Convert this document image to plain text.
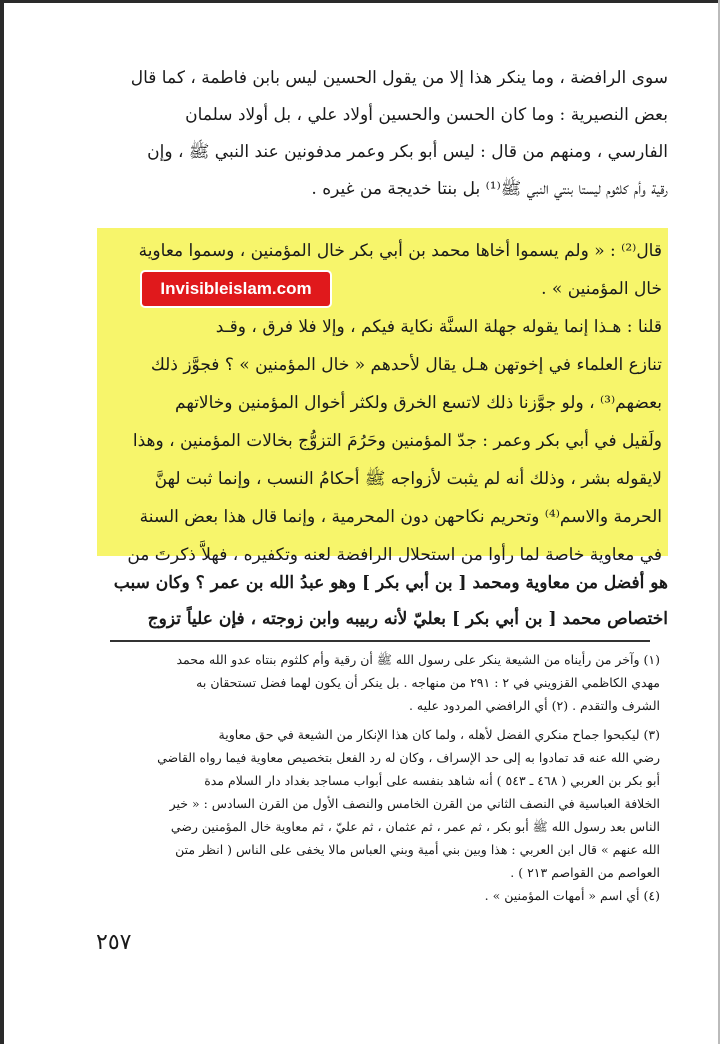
سوى الرافضة ، وما ينكر هذا إلا من يقول الحسين ليس بابن فاطمة ، كما قال
بعض النصيرية : وما كان الحسن والحسين أولاد علي ، بل أولاد سلمان
الفارسي ، ومنهم من قال : ليس أبو بكر وعمر مدفونين عند النبي ﷺ ، وإن
رقية وأم كلثوم ليستا بنتي النبي ﷺ⁽¹⁾ بل بنتا خديجة من غيره .
قال⁽²⁾ : « ولم يسموا أخاها محمد بن أبي بكر خال المؤمنين ، وسموا معاوية
خال المؤمنين » .
قلنا : هـذا إنما يقوله جهلة السنَّة نكاية فيكم ، وإلا فلا فرق ، وقـد
تنازع العلماء في إخوتهن هـل يقال لأحدهم « خال المؤمنين » ؟ فجوَّز ذلك
بعضهم⁽³⁾ ، ولو جوَّزنا ذلك لاتسع الخرق ولكثر أخوال المؤمنين وخالاتهم
ولَقيل في أبي بكر وعمر : جدّ المؤمنين وحَرُمَ التزوُّج بخالات المؤمنين ، وهذا
لايقوله بشر ، وذلك أنه لم يثبت لأزواجه ﷺ أحكامُ النسب ، وإنما ثبت لهنَّ
الحرمة والاسم⁽⁴⁾ وتحريم نكاحهن دون المحرمية ، وإنما قال هذا بعض السنة
في معاوية خاصة لما رأوا من استحلال الرافضة لعنه وتكفيره ، فهلاَّ ذكرتَ من
Invisibleislam.com
هو أفضل من معاوية ومحمد [ بن أبي بكر ] وهو عبدُ الله بن عمر ؟ وكان سبب
اختصاص محمد [ بن أبي بكر ] بعليّ لأنه ربيبه وابن زوجته ، فإن علياً تزوج
(١) وآخر من رأيناه من الشيعة ينكر على رسول الله ﷺ أن رقية وأم كلثوم بنتاه عدو الله محمد
مهدي الكاظمي القزويني في ٢ : ٢٩١ من منهاجه . بل ينكر أن يكون لهما فضل تستحقان به
الشرف والتقدم . (٢) أي الرافضي المردود عليه .
(٣) ليكبحوا جماح منكري الفضل لأهله ، ولما كان هذا الإنكار من الشيعة في حق معاوية
رضي الله عنه قد تمادوا به إلى حد الإسراف ، وكان له رد الفعل بتخصيص معاوية فيما رواه القاضي
أبو بكر بن العربي ( ٤٦٨ ـ ٥٤٣ ) أنه شاهد بنفسه على أبواب مساجد بغداد دار السلام مدة
الخلافة العباسية في النصف الثاني من القرن الخامس والنصف الأول من القرن السادس : « خير
الناس بعد رسول الله ﷺ أبو بكر ، ثم عمر ، ثم عثمان ، ثم عليّ ، ثم معاوية خال المؤمنين رضي
الله عنهم » قال ابن العربي : هذا وبين بني أمية وبني العباس مالا يخفى على الناس ( انظر متن
العواصم من القواصم ٢١٣ ) .
(٤) أي اسم « أمهات المؤمنين » .
٢٥٧
